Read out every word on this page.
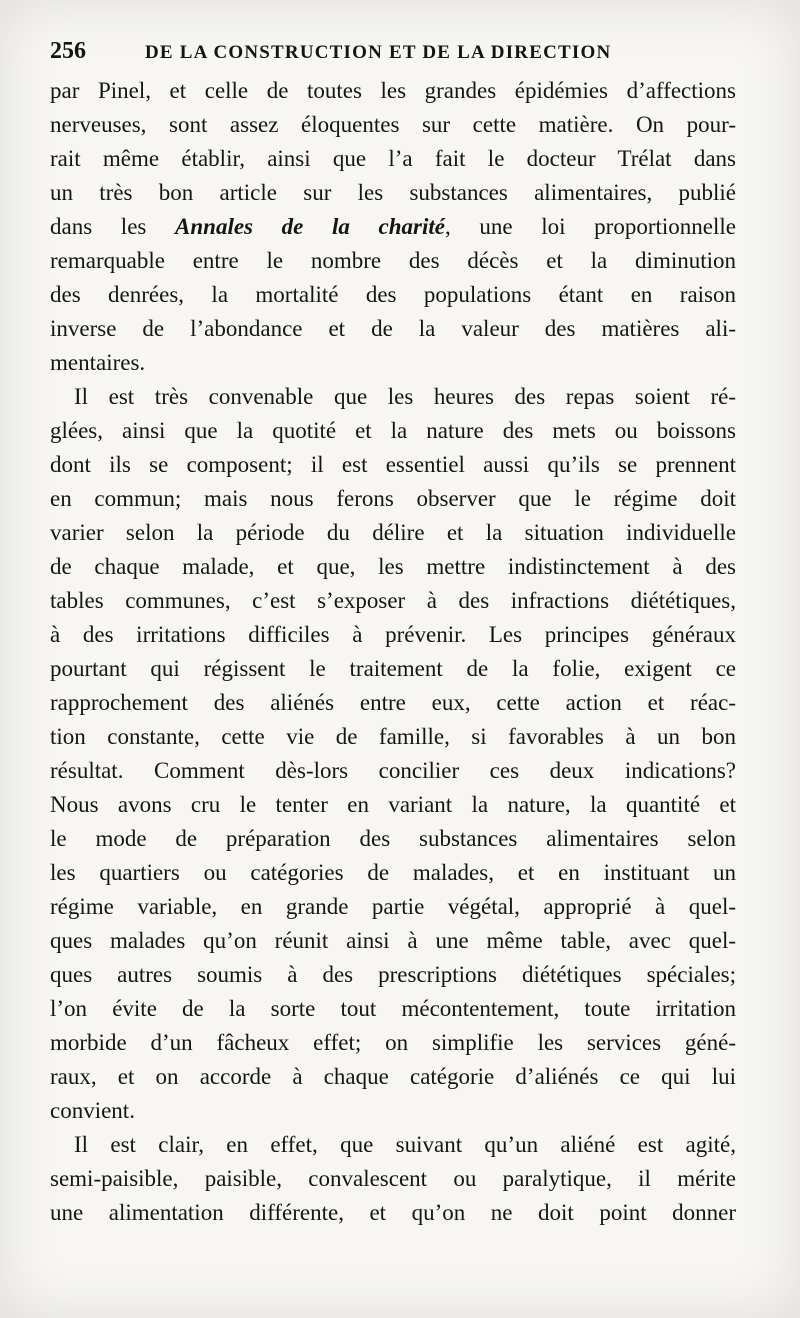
256	DE LA CONSTRUCTION ET DE LA DIRECTION
par Pinel, et celle de toutes les grandes épidémies d’affections
nerveuses, sont assez éloquentes sur cette matière. On pour-
rait même établir, ainsi que l’a fait le docteur Trélat dans
un très bon article sur les substances alimentaires, publié
dans les Annales de la charité, une loi proportionnelle
remarquable entre le nombre des décès et la diminution
des denrées, la mortalité des populations étant en raison
inverse de l’abondance et de la valeur des matières ali-
mentaires.
Il est très convenable que les heures des repas soient ré-
glées, ainsi que la quotité et la nature des mets ou boissons
dont ils se composent; il est essentiel aussi qu’ils se prennent
en commun; mais nous ferons observer que le régime doit
varier selon la période du délire et la situation individuelle
de chaque malade, et que, les mettre indistinctement à des
tables communes, c’est s’exposer à des infractions diététiques,
à des irritations difficiles à prévenir. Les principes généraux
pourtant qui régissent le traitement de la folie, exigent ce
rapprochement des aliénés entre eux, cette action et réac-
tion constante, cette vie de famille, si favorables à un bon
résultat. Comment dès-lors concilier ces deux indications?
Nous avons cru le tenter en variant la nature, la quantité et
le mode de préparation des substances alimentaires selon
les quartiers ou catégories de malades, et en instituant un
régime variable, en grande partie végétal, approprié à quel-
ques malades qu’on réunit ainsi à une même table, avec quel-
ques autres soumis à des prescriptions diététiques spéciales;
l’on évite de la sorte tout mécontentement, toute irritation
morbide d’un fâcheux effet; on simplifie les services géné-
raux, et on accorde à chaque catégorie d’aliénés ce qui lui
convient.
Il est clair, en effet, que suivant qu’un aliéné est agité,
semi-paisible, paisible, convalescent ou paralytique, il mérite
une alimentation différente, et qu’on ne doit point donner
